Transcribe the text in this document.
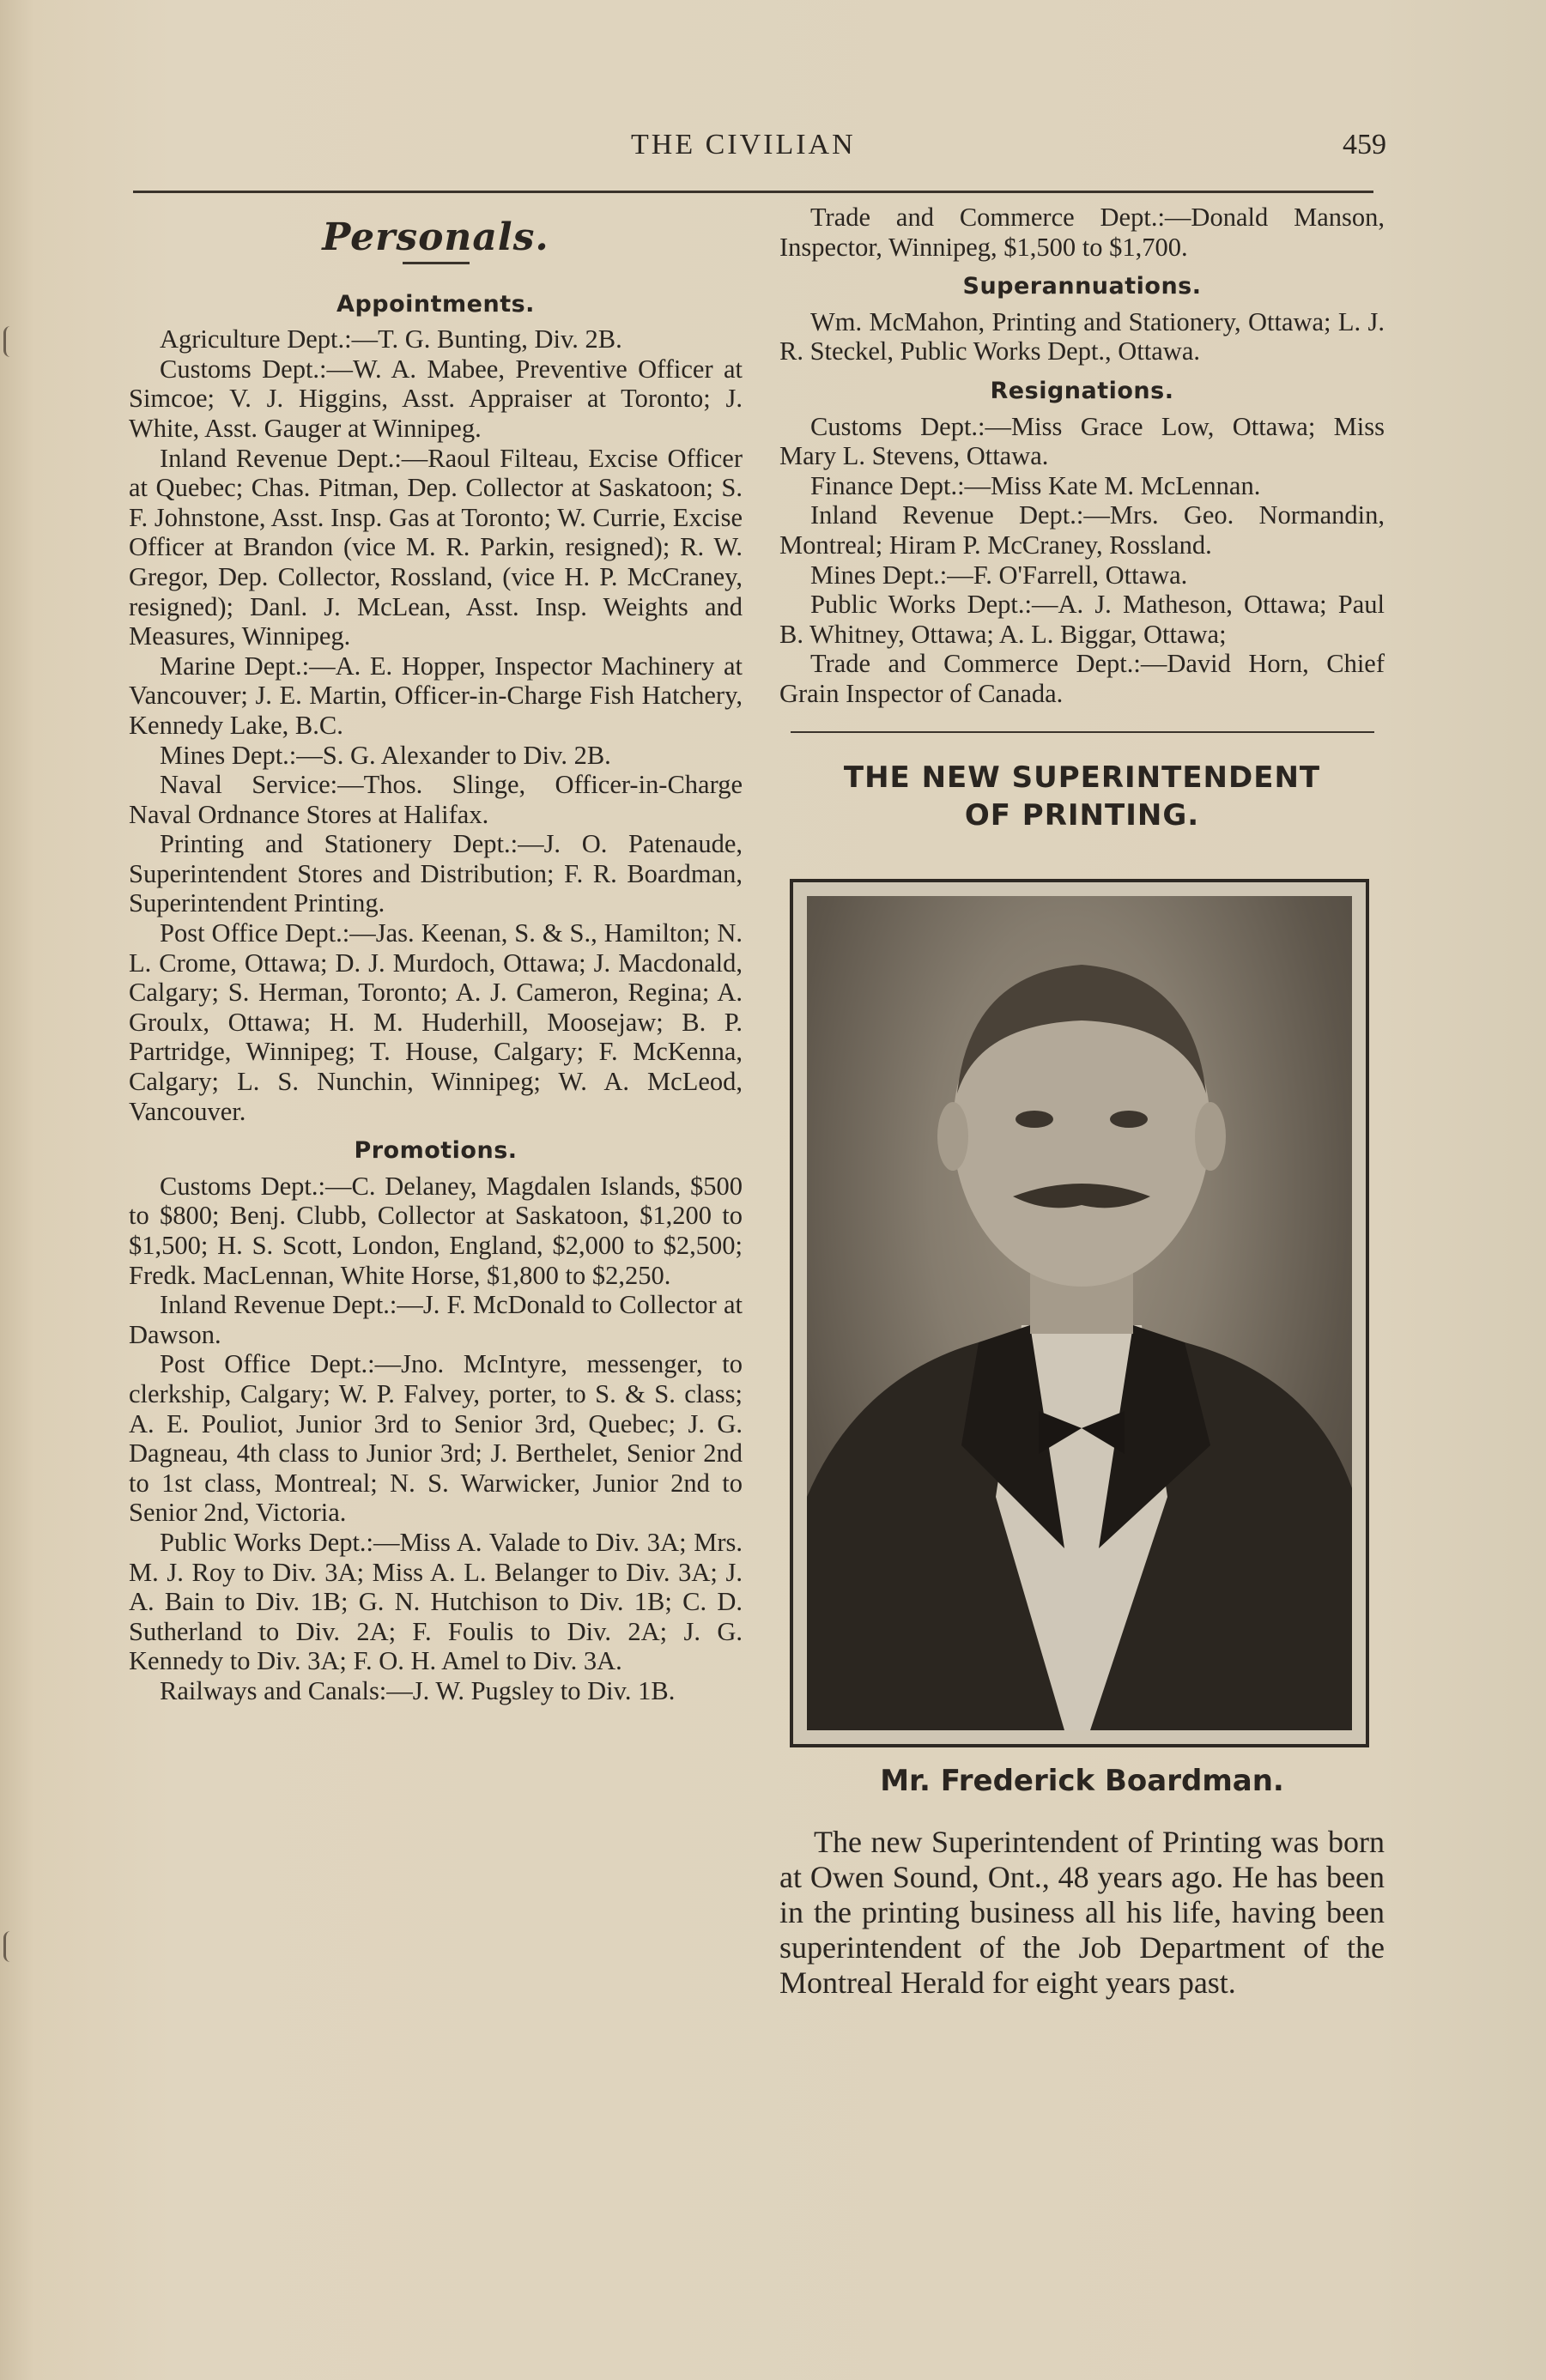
THE CIVILIAN	459
Personals.
Appointments.

Agriculture Dept.:—T. G. Bunting, Div. 2B.

Customs Dept.:—W. A. Mabee, Preventive Officer at Simcoe; V. J. Higgins, Asst. Appraiser at Toronto; J. White, Asst. Gauger at Winnipeg.

Inland Revenue Dept.:—Raoul Filteau, Excise Officer at Quebec; Chas. Pitman, Dep. Collector at Saskatoon; S. F. Johnstone, Asst. Insp. Gas at Toronto; W. Currie, Excise Officer at Brandon (vice M. R. Parkin, resigned); R. W. Gregor, Dep. Collector, Rossland, (vice H. P. McCraney, resigned); Danl. J. McLean, Asst. Insp. Weights and Measures, Winnipeg.

Marine Dept.:—A. E. Hopper, Inspector Machinery at Vancouver; J. E. Martin, Officer-in-Charge Fish Hatchery, Kennedy Lake, B.C.

Mines Dept.:—S. G. Alexander to Div. 2B.

Naval Service:—Thos. Slinge, Officer-in-Charge Naval Ordnance Stores at Halifax.

Printing and Stationery Dept.:—J. O. Patenaude, Superintendent Stores and Distribution; F. R. Boardman, Superintendent Printing.

Post Office Dept.:—Jas. Keenan, S. & S., Hamilton; N. L. Crome, Ottawa; D. J. Murdoch, Ottawa; J. Macdonald, Calgary; S. Herman, Toronto; A. J. Cameron, Regina; A. Groulx, Ottawa; H. M. Huderhill, Moosejaw; B. P. Partridge, Winnipeg; T. House, Calgary; F. McKenna, Calgary; L. S. Nunchin, Winnipeg; W. A. McLeod, Vancouver.

Promotions.

Customs Dept.:—C. Delaney, Magdalen Islands, $500 to $800; Benj. Clubb, Collector at Saskatoon, $1,200 to $1,500; H. S. Scott, London, England, $2,000 to $2,500; Fredk. MacLennan, White Horse, $1,800 to $2,250.

Inland Revenue Dept.:—J. F. McDonald to Collector at Dawson.

Post Office Dept.:—Jno. McIntyre, messenger, to clerkship, Calgary; W. P. Falvey, porter, to S. & S. class; A. E. Pouliot, Junior 3rd to Senior 3rd, Quebec; J. G. Dagneau, 4th class to Junior 3rd; J. Berthelet, Senior 2nd to 1st class, Montreal; N. S. Warwicker, Junior 2nd to Senior 2nd, Victoria.

Public Works Dept.:—Miss A. Valade to Div. 3A; Mrs. M. J. Roy to Div. 3A; Miss A. L. Belanger to Div. 3A; J. A. Bain to Div. 1B; G. N. Hutchison to Div. 1B; C. D. Sutherland to Div. 2A; F. Foulis to Div. 2A; J. G. Kennedy to Div. 3A; F. O. H. Amel to Div. 3A.

Railways and Canals:—J. W. Pugsley to Div. 1B.

Trade and Commerce Dept.:—Donald Manson, Inspector, Winnipeg, $1,500 to $1,700.

Superannuations.

Wm. McMahon, Printing and Stationery, Ottawa; L. J. R. Steckel, Public Works Dept., Ottawa.

Resignations.

Customs Dept.:—Miss Grace Low, Ottawa; Miss Mary L. Stevens, Ottawa.

Finance Dept.:—Miss Kate M. McLennan.

Inland Revenue Dept.:—Mrs. Geo. Normandin, Montreal; Hiram P. McCraney, Rossland.

Mines Dept.:—F. O'Farrell, Ottawa.

Public Works Dept.:—A. J. Matheson, Ottawa; Paul B. Whitney, Ottawa; A. L. Biggar, Ottawa;

Trade and Commerce Dept.:—David Horn, Chief Grain Inspector of Canada.

THE NEW SUPERINTENDENT

OF PRINTING.

Mr. Frederick Boardman.

The new Superintendent of Printing was born at Owen Sound, Ont., 48 years ago. He has been in the printing business all his life, having been superintendent of the Job Department of the Montreal Herald for eight years past.
